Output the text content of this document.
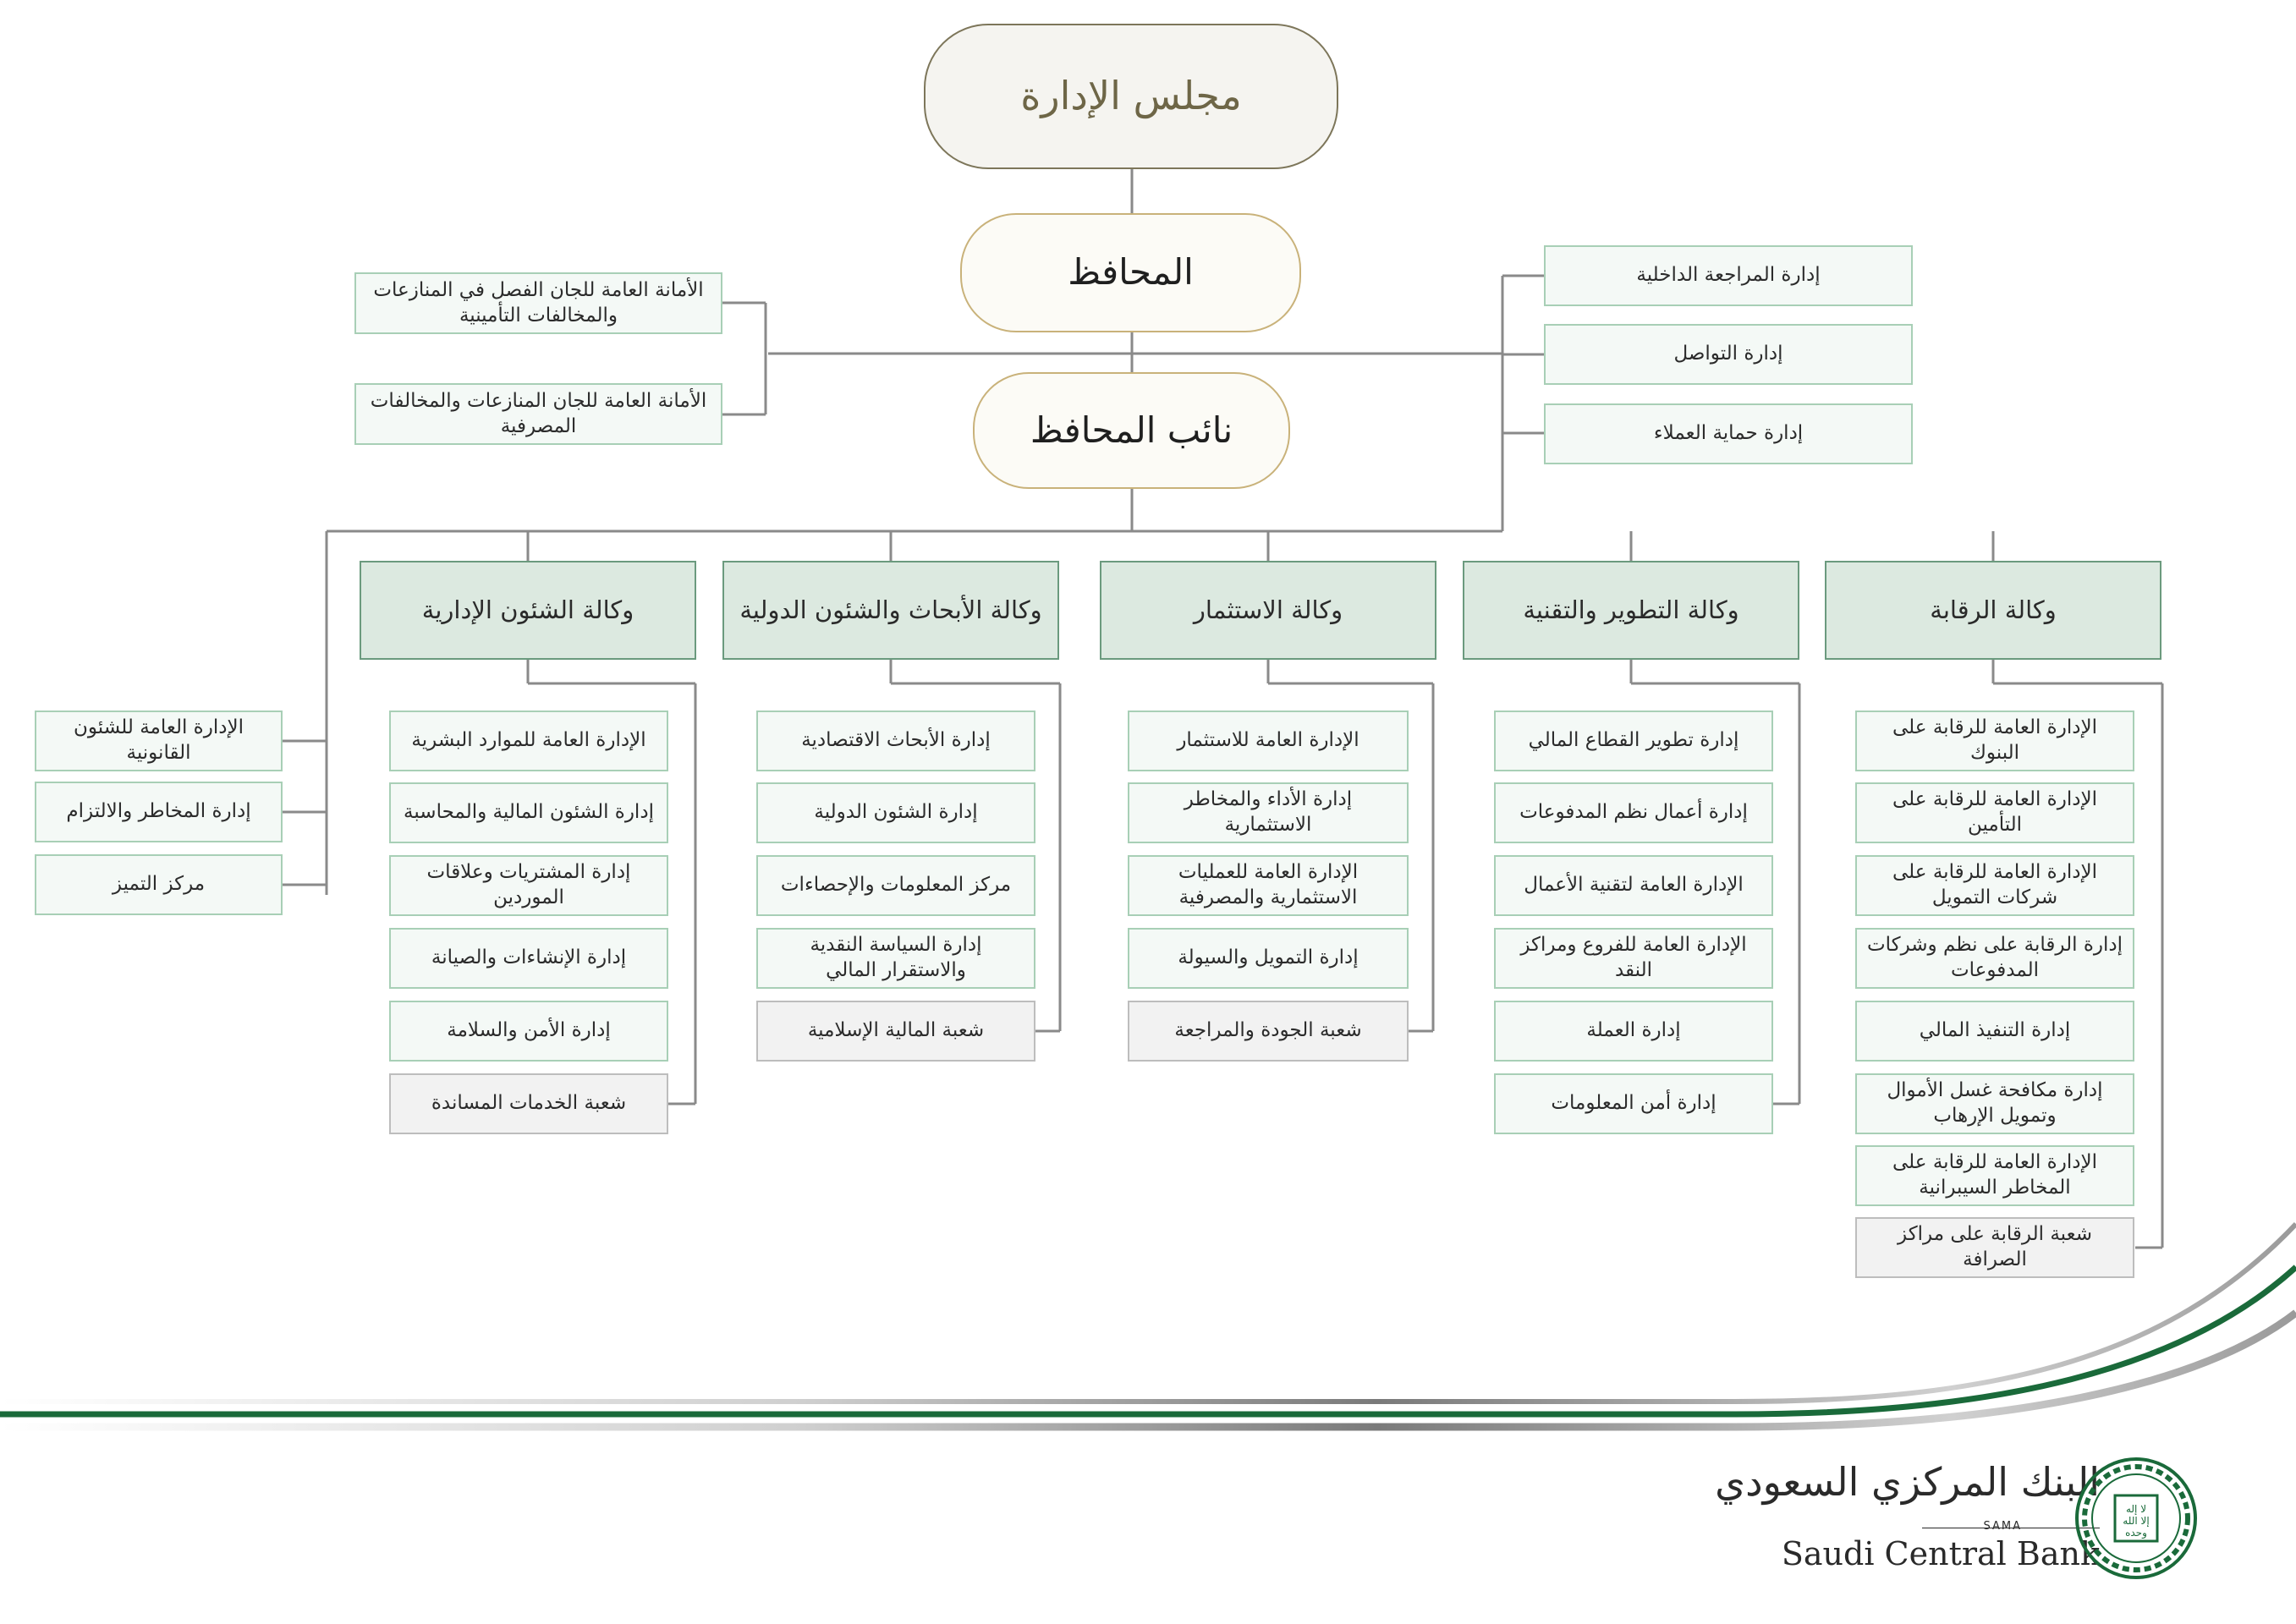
مجلس الإدارة
المحافظ
نائب المحافظ
الأمانة العامة للجان الفصل في المنازعات والمخالفات التأمينية
الأمانة العامة للجان المنازعات والمخالفات المصرفية
إدارة المراجعة الداخلية
إدارة التواصل
إدارة حماية العملاء
الإدارة العامة للشئون القانونية
إدارة المخاطر والالتزام
مركز التميز
وكالة الرقابة
وكالة التطوير والتقنية
وكالة الاستثمار
وكالة الأبحاث والشئون الدولية
وكالة الشئون الإدارية
الإدارة العامة للرقابة على البنوك
الإدارة العامة للرقابة على التأمين
الإدارة العامة للرقابة على شركات التمويل
إدارة الرقابة على نظم وشركات المدفوعات
إدارة التنفيذ المالي
إدارة مكافحة غسل الأموال وتمويل الإرهاب
الإدارة العامة للرقابة على المخاطر السيبرانية
شعبة الرقابة على مراكز الصرافة
إدارة تطوير القطاع المالي
إدارة أعمال نظم المدفوعات
الإدارة العامة لتقنية الأعمال
الإدارة العامة للفروع ومراكز النقد
إدارة العملة
إدارة أمن المعلومات
الإدارة العامة للاستثمار
إدارة الأداء والمخاطر الاستثمارية
الإدارة العامة للعمليات الاستثمارية والمصرفية
إدارة التمويل والسيولة
شعبة الجودة والمراجعة
إدارة الأبحاث الاقتصادية
إدارة الشئون الدولية
مركز المعلومات والإحصاءات
إدارة السياسة النقدية والاستقرار المالي
شعبة المالية الإسلامية
الإدارة العامة للموارد البشرية
إدارة الشئون المالية والمحاسبة
إدارة المشتريات وعلاقات الموردين
إدارة الإنشاءات والصيانة
إدارة الأمن والسلامة
شعبة الخدمات المساندة
البنك المركزي السعودي
SAMA
Saudi Central Bank
لا إله
إلا الله
وحده
